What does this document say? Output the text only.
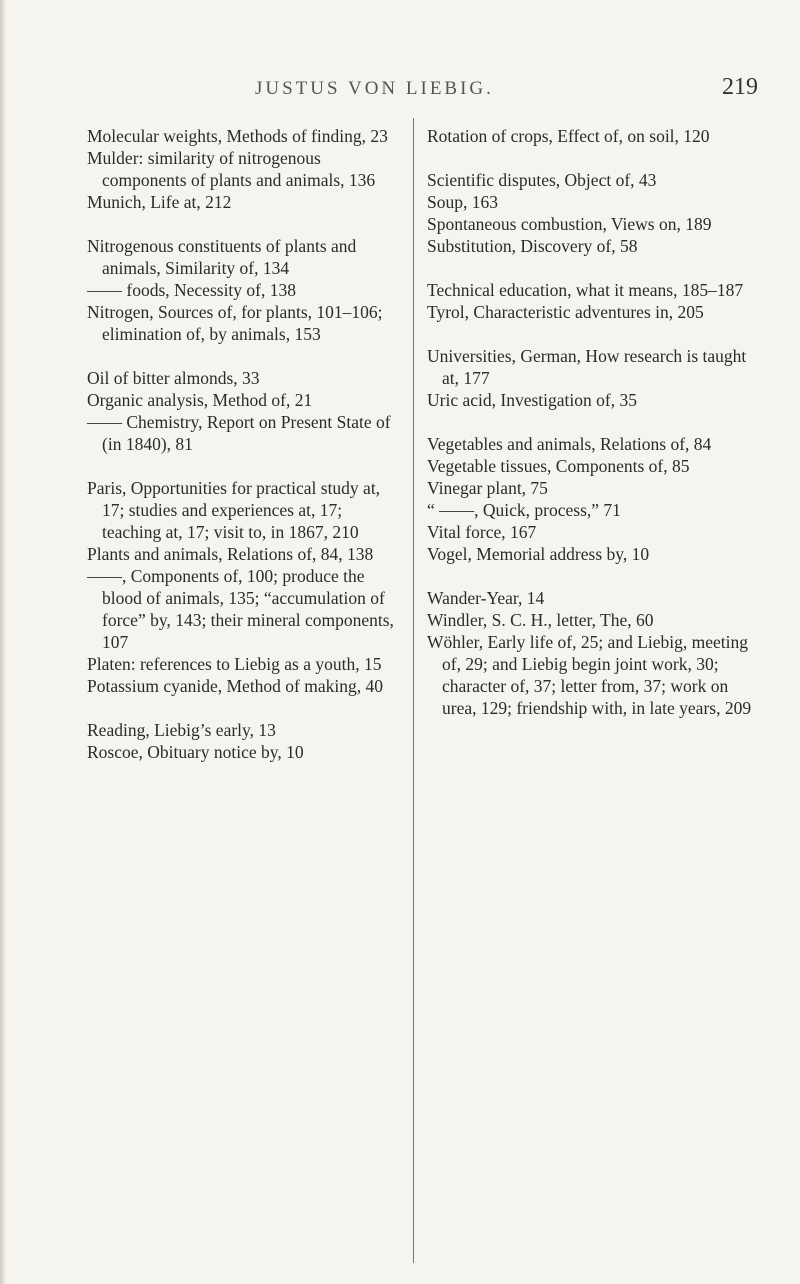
JUSTUS VON LIEBIG.	219

Molecular weights, Methods of finding, 23

Mulder: similarity of nitrogenous components of plants and animals, 136

Munich, Life at, 212

Nitrogenous constituents of plants and animals, Similarity of, 134

—— foods, Necessity of, 138

Nitrogen, Sources of, for plants, 101–106; elimination of, by animals, 153

Oil of bitter almonds, 33

Organic analysis, Method of, 21

—— Chemistry, Report on Present State of (in 1840), 81

Paris, Opportunities for practical study at, 17; studies and experiences at, 17; teaching at, 17; visit to, in 1867, 210

Plants and animals, Relations of, 84, 138

——, Components of, 100; produce the blood of animals, 135; “accumulation of force” by, 143; their mineral components, 107

Platen: references to Liebig as a youth, 15

Potassium cyanide, Method of making, 40

Reading, Liebig’s early, 13

Roscoe, Obituary notice by, 10

Rotation of crops, Effect of, on soil, 120

Scientific disputes, Object of, 43

Soup, 163

Spontaneous combustion, Views on, 189

Substitution, Discovery of, 58

Technical education, what it means, 185–187

Tyrol, Characteristic adventures in, 205

Universities, German, How research is taught at, 177

Uric acid, Investigation of, 35

Vegetables and animals, Relations of, 84

Vegetable tissues, Components of, 85

Vinegar plant, 75

“ ——, Quick, process,” 71

Vital force, 167

Vogel, Memorial address by, 10

Wander-Year, 14

Windler, S. C. H., letter, The, 60

Wöhler, Early life of, 25; and Liebig, meeting of, 29; and Liebig begin joint work, 30; character of, 37; letter from, 37; work on urea, 129; friendship with, in late years, 209
